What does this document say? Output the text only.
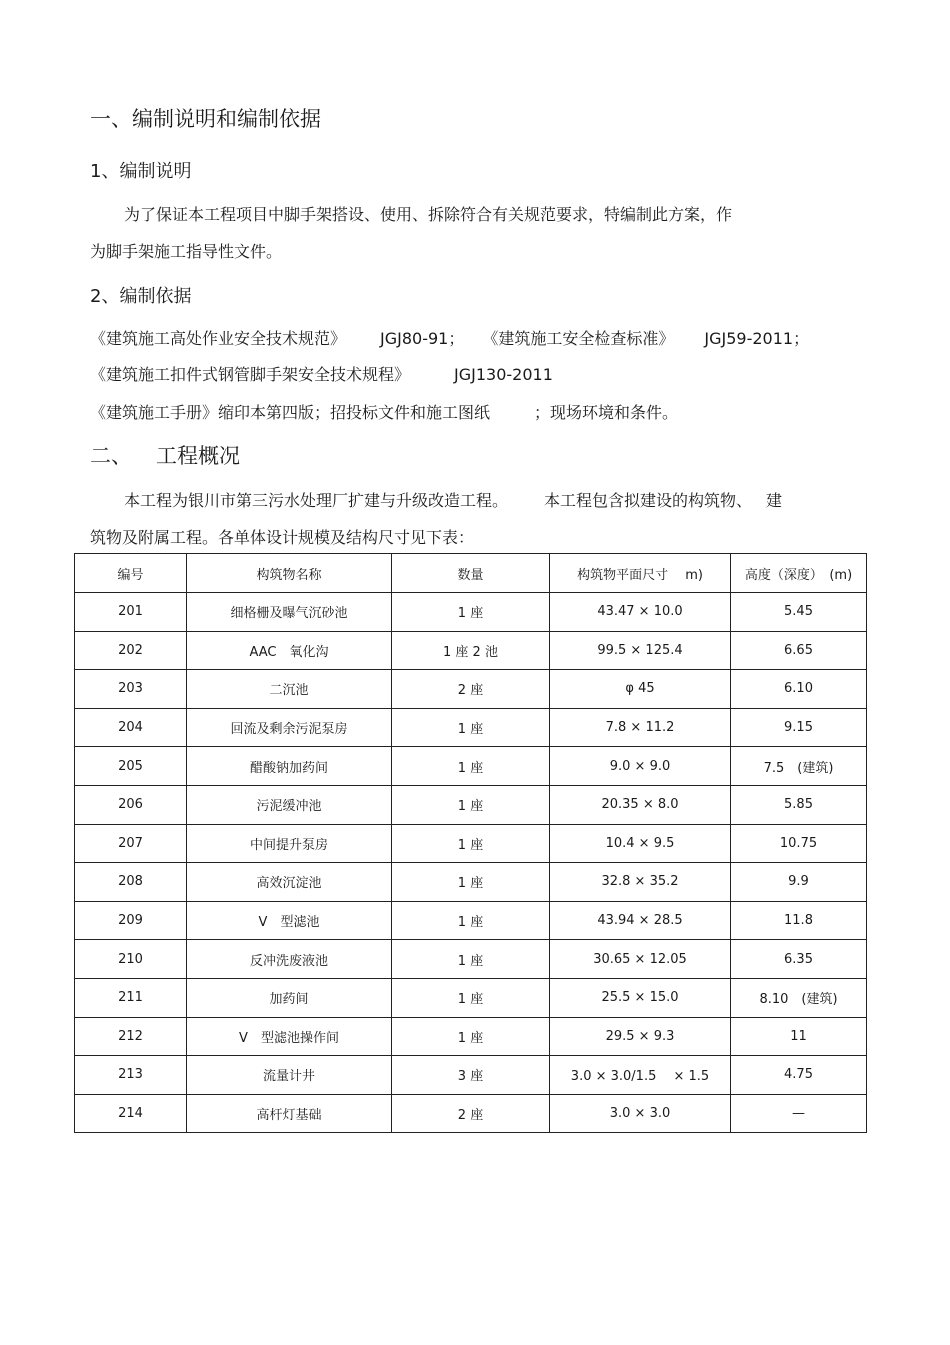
一、编制说明和编制依据
1、编制说明
为了保证本工程项目中脚手架搭设、使用、拆除符合有关规范要求，特编制此方案，作
为脚手架施工指导性文件。
2、编制依据
《建筑施工高处作业安全技术规范》 JGJ80-91； 《建筑施工安全检查标准》 JGJ59-2011；
《建筑施工扣件式钢管脚手架安全技术规程》	JGJ130-2011
《建筑施工手册》缩印本第四版；招投标文件和施工图纸	；现场环境和条件。
二、 工程概况
本工程为银川市第三污水处理厂扩建与升级改造工程。 本工程包含拟建设的构筑物、 建
筑物及附属工程。各单体设计规模及结构尺寸见下表：
编号	构筑物名称	数量	构筑物平面尺寸　 m)	高度（深度）　(m)
201	细格栅及曝气沉砂池	1 座	43.47 × 10.0	5.45
202	AAC　氧化沟	1 座 2 池	99.5 × 125.4	6.65
203	二沉池	2 座	φ 45	6.10
204	回流及剩余污泥泵房	1 座	7.8 × 11.2	9.15
205	醋酸钠加药间	1 座	9.0 × 9.0	7.5　(建筑)
206	污泥缓冲池	1 座	20.35 × 8.0	5.85
207	中间提升泵房	1 座	10.4 × 9.5	10.75
208	高效沉淀池	1 座	32.8 × 35.2	9.9
209	V　型滤池	1 座	43.94 × 28.5	11.8
210	反冲洗废液池	1 座	30.65 × 12.05	6.35
211	加药间	1 座	25.5 × 15.0	8.10　(建筑)
212	V　型滤池操作间	1 座	29.5 × 9.3	11
213	流量计井	3 座	3.0 × 3.0/1.5　 × 1.5	4.75
214	高杆灯基础	2 座	3.0 × 3.0	—
